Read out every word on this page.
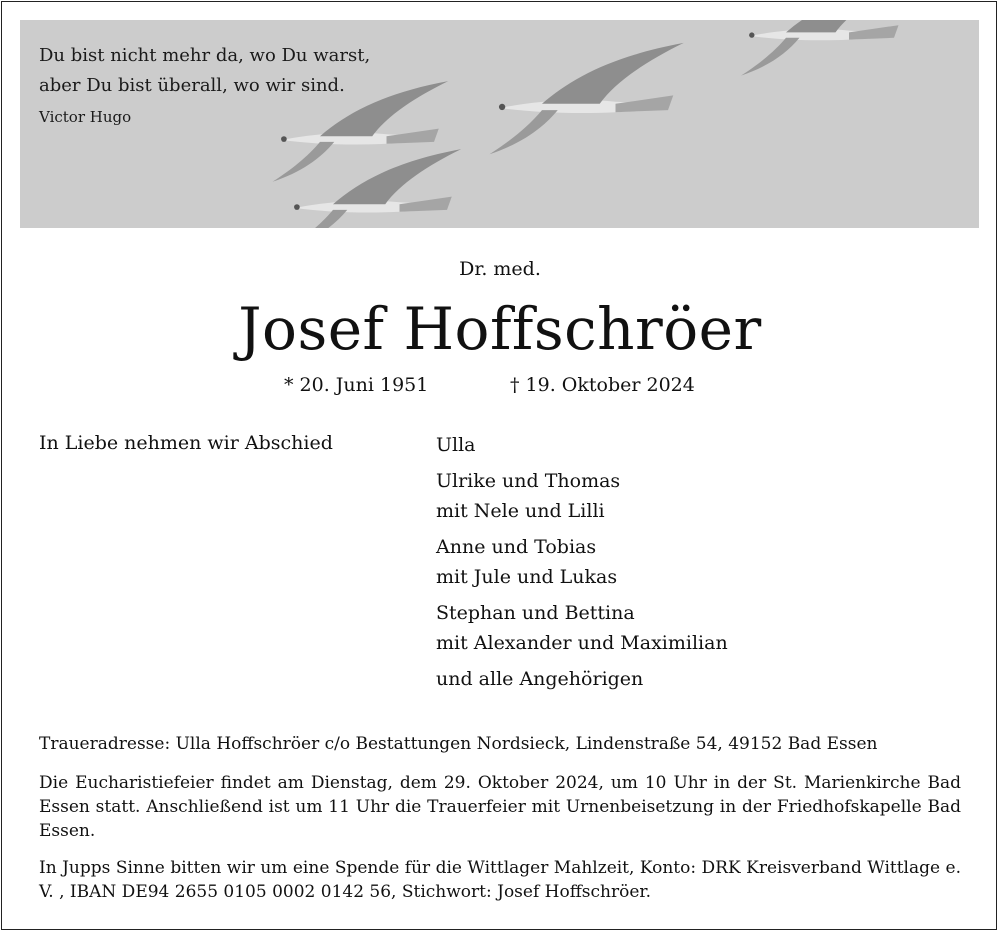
Du bist nicht mehr da, wo Du warst,
aber Du bist überall, wo wir sind.
Victor Hugo
Dr. med.
Josef Hoffschröer
* 20. Juni 1951	† 19. Oktober 2024
In Liebe nehmen wir Abschied	Ulla
Ulrike und Thomas
mit Nele und Lilli
Anne und Tobias
mit Jule und Lukas
Stephan und Bettina
mit Alexander und Maximilian
und alle Angehörigen
Traueradresse: Ulla Hoffschröer c/o Bestattungen Nordsieck, Lindenstraße 54, 49152 Bad Essen
Die Eucharistiefeier findet am Dienstag, dem 29. Oktober 2024, um 10 Uhr in der St. Marienkirche Bad Essen statt. Anschließend ist um 11 Uhr die Trauerfeier mit Urnenbeisetzung in der Friedhofskapelle Bad Essen.
In Jupps Sinne bitten wir um eine Spende für die Wittlager Mahlzeit, Konto: DRK Kreisverband Wittlage e. V. , IBAN DE94 2655 0105 0002 0142 56, Stichwort: Josef Hoffschröer.
